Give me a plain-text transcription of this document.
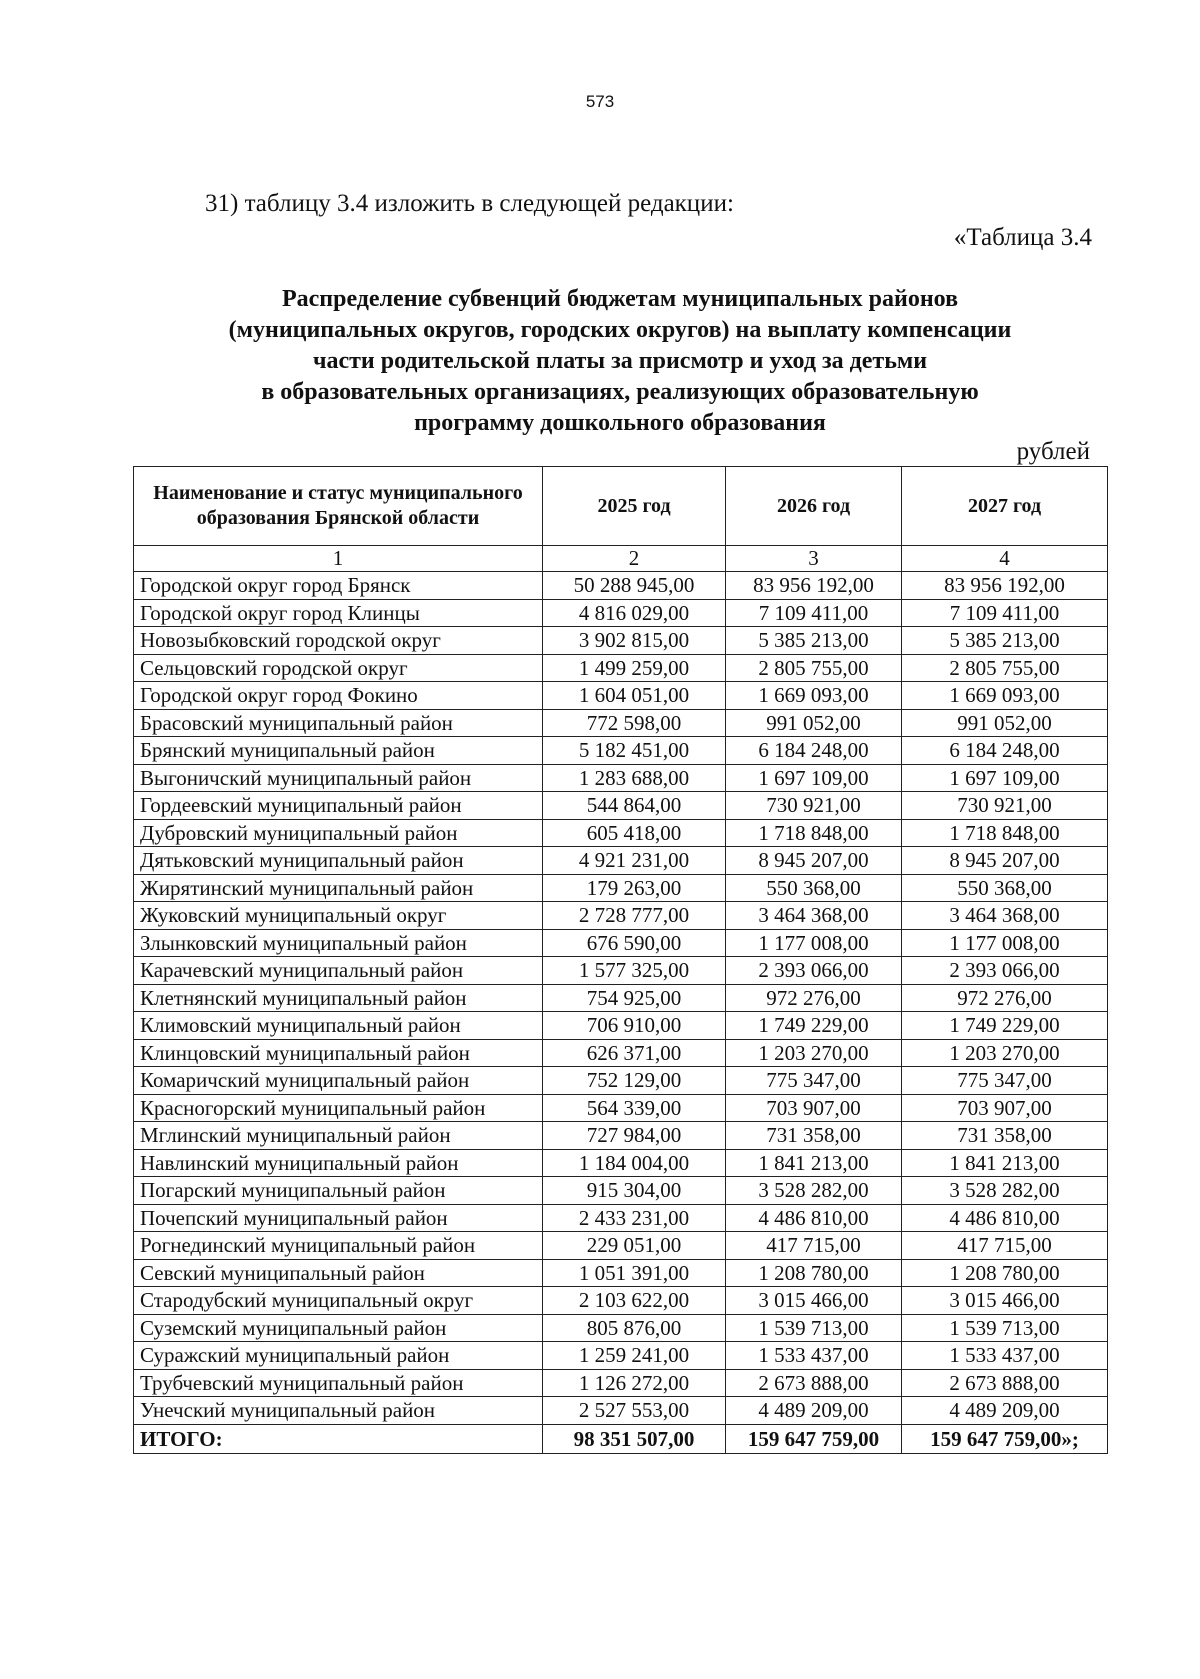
573
31) таблицу 3.4 изложить в следующей редакции:
«Таблица 3.4
Распределение субвенций бюджетам муниципальных районов
(муниципальных округов, городских округов) на выплату компенсации
части родительской платы за присмотр и уход за детьми
в образовательных организациях, реализующих образовательную
программу дошкольного образования
рублей
Наименование и статус муниципального образования Брянской области	2025 год	2026 год	2027 год
1	2	3	4
Городской округ город Брянск	50 288 945,00	83 956 192,00	83 956 192,00
Городской округ город Клинцы	4 816 029,00	7 109 411,00	7 109 411,00
Новозыбковский городской округ	3 902 815,00	5 385 213,00	5 385 213,00
Сельцовский городской округ	1 499 259,00	2 805 755,00	2 805 755,00
Городской округ город Фокино	1 604 051,00	1 669 093,00	1 669 093,00
Брасовский муниципальный район	772 598,00	991 052,00	991 052,00
Брянский муниципальный район	5 182 451,00	6 184 248,00	6 184 248,00
Выгоничский муниципальный район	1 283 688,00	1 697 109,00	1 697 109,00
Гордеевский муниципальный район	544 864,00	730 921,00	730 921,00
Дубровский муниципальный район	605 418,00	1 718 848,00	1 718 848,00
Дятьковский муниципальный район	4 921 231,00	8 945 207,00	8 945 207,00
Жирятинский муниципальный район	179 263,00	550 368,00	550 368,00
Жуковский муниципальный округ	2 728 777,00	3 464 368,00	3 464 368,00
Злынковский муниципальный район	676 590,00	1 177 008,00	1 177 008,00
Карачевский муниципальный район	1 577 325,00	2 393 066,00	2 393 066,00
Клетнянский муниципальный район	754 925,00	972 276,00	972 276,00
Климовский муниципальный район	706 910,00	1 749 229,00	1 749 229,00
Клинцовский муниципальный район	626 371,00	1 203 270,00	1 203 270,00
Комаричский муниципальный район	752 129,00	775 347,00	775 347,00
Красногорский муниципальный район	564 339,00	703 907,00	703 907,00
Мглинский муниципальный район	727 984,00	731 358,00	731 358,00
Навлинский муниципальный район	1 184 004,00	1 841 213,00	1 841 213,00
Погарский муниципальный район	915 304,00	3 528 282,00	3 528 282,00
Почепский муниципальный район	2 433 231,00	4 486 810,00	4 486 810,00
Рогнединский муниципальный район	229 051,00	417 715,00	417 715,00
Севский муниципальный район	1 051 391,00	1 208 780,00	1 208 780,00
Стародубский муниципальный округ	2 103 622,00	3 015 466,00	3 015 466,00
Суземский муниципальный район	805 876,00	1 539 713,00	1 539 713,00
Суражский муниципальный район	1 259 241,00	1 533 437,00	1 533 437,00
Трубчевский муниципальный район	1 126 272,00	2 673 888,00	2 673 888,00
Унечский муниципальный район	2 527 553,00	4 489 209,00	4 489 209,00
ИТОГО:	98 351 507,00	159 647 759,00	159 647 759,00»;
